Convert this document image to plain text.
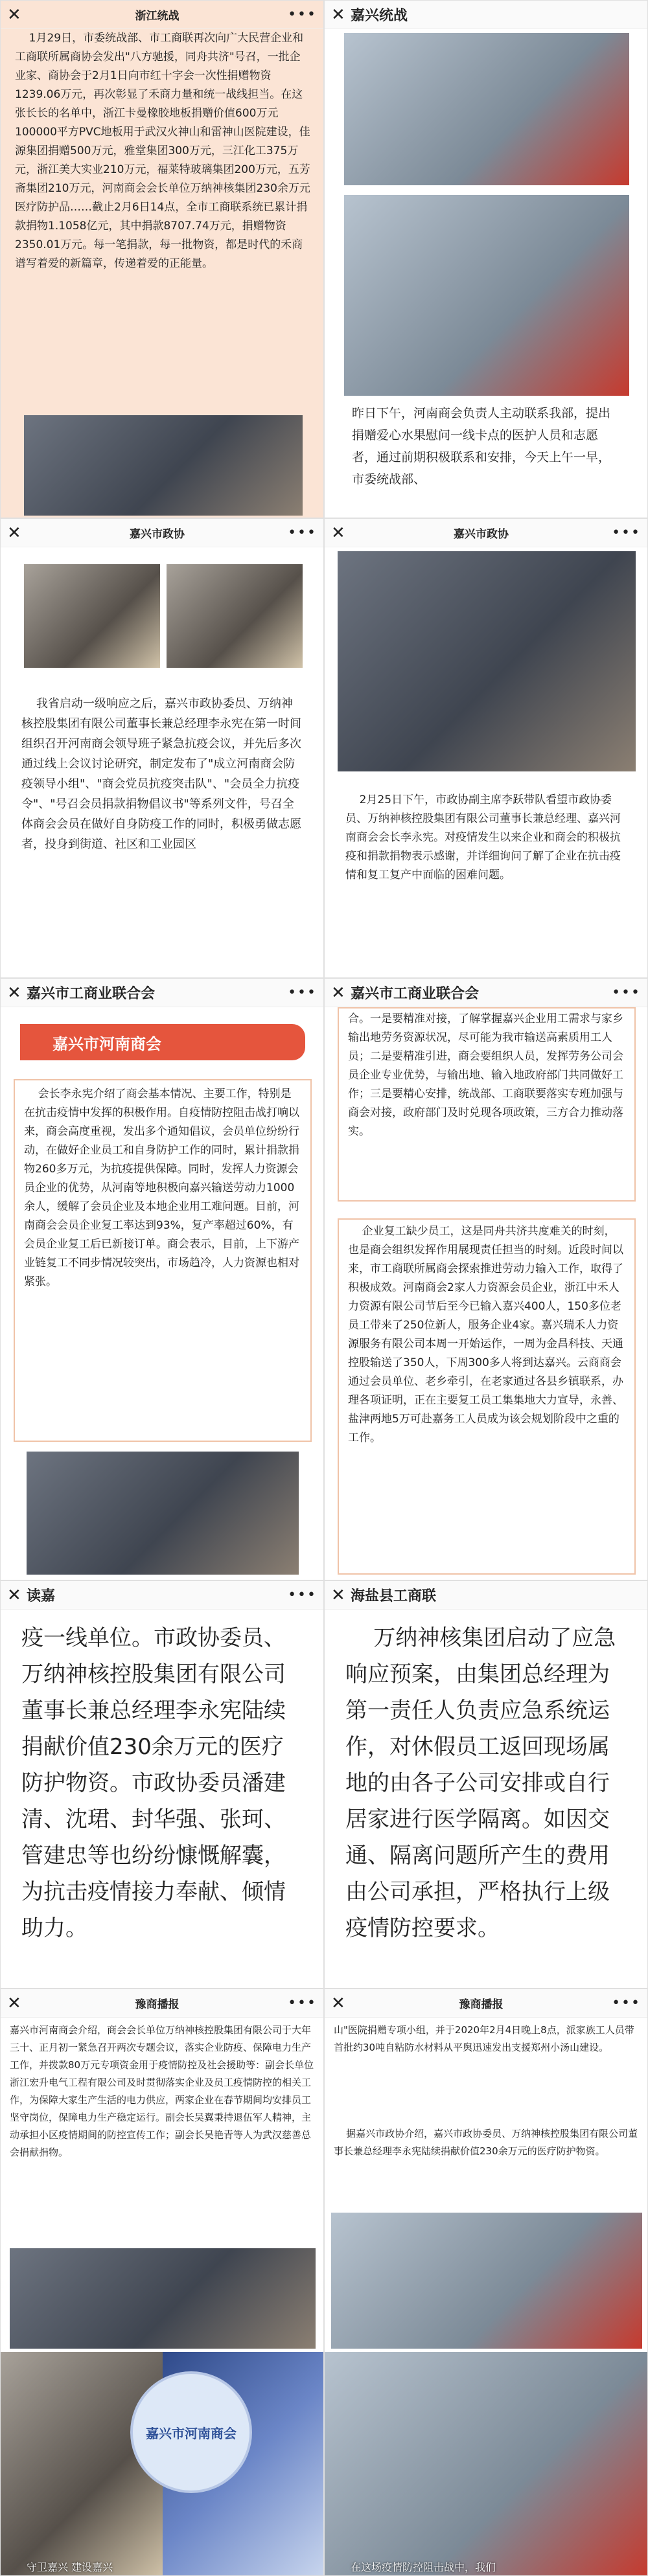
✕	浙江统战	•••
1月29日，市委统战部、市工商联再次向广大民营企业和工商联所属商协会发出"八方驰援，同舟共济"号召，一批企业家、商协会于2月1日向市红十字会一次性捐赠物资1239.06万元，再次彰显了禾商力量和统一战线担当。在这张长长的名单中，浙江卡曼橡胶地板捐赠价值600万元100000平方PVC地板用于武汉火神山和雷神山医院建设，佳源集团捐赠500万元，雅堂集团300万元，三江化工375万元，浙江美大实业210万元，福莱特玻璃集团200万元，五芳斋集团210万元，河南商会会长单位万纳神核集团230余万元医疗防护品……截止2月6日14点，全市工商联系统已累计捐款捐物1.1058亿元，其中捐款8707.74万元，捐赠物资2350.01万元。每一笔捐款，每一批物资，都是时代的禾商谱写着爱的新篇章，传递着爱的正能量。
✕ 嘉兴统战
昨日下午，河南商会负责人主动联系我部，提出捐赠爱心水果慰问一线卡点的医护人员和志愿者，通过前期积极联系和安排，今天上午一早，市委统战部、
✕	嘉兴市政协	•••
我省启动一级响应之后，嘉兴市政协委员、万纳神核控股集团有限公司董事长兼总经理李永宪在第一时间组织召开河南商会领导班子紧急抗疫会议，并先后多次通过线上会议讨论研究，制定发布了"成立河南商会防疫领导小组"、"商会党员抗疫突击队"、"会员全力抗疫令"、"号召会员捐款捐物倡议书"等系列文件，号召全体商会会员在做好自身防疫工作的同时，积极勇做志愿者，投身到街道、社区和工业园区
✕	嘉兴市政协	•••
2月25日下午，市政协副主席李跃带队看望市政协委员、万纳神核控股集团有限公司董事长兼总经理、嘉兴河南商会会长李永宪。对疫情发生以来企业和商会的积极抗疫和捐款捐物表示感谢，并详细询问了解了企业在抗击疫情和复工复产中面临的困难问题。
✕ 嘉兴市工商业联合会	•••
嘉兴市河南商会
会长李永宪介绍了商会基本情况、主要工作，特别是在抗击疫情中发挥的积极作用。自疫情防控阻击战打响以来，商会高度重视，发出多个通知倡议，会员单位纷纷行动，在做好企业员工和自身防护工作的同时，累计捐款捐物260多万元，为抗疫提供保障。同时，发挥人力资源会员企业的优势，从河南等地积极向嘉兴输送劳动力1000余人，缓解了会员企业及本地企业用工难问题。目前，河南商会会员企业复工率达到93%，复产率超过60%，有会员企业复工后已新接订单。商会表示，目前，上下游产业链复工不同步情况较突出，市场趋冷，人力资源也相对紧张。
✕ 嘉兴市工商业联合会	•••
合。一是要精准对接，了解掌握嘉兴企业用工需求与家乡输出地劳务资源状况，尽可能为我市输送高素质用工人员；二是要精准引进，商会要组织人员，发挥劳务公司会员企业专业优势，与输出地、输入地政府部门共同做好工作；三是要精心安排，统战部、工商联要落实专班加强与商会对接，政府部门及时兑现各项政策，三方合力推动落实。
企业复工缺少员工，这是同舟共济共度难关的时刻，也是商会组织发挥作用展现责任担当的时刻。近段时间以来，市工商联所属商会探索推进劳动力输入工作，取得了积极成效。河南商会2家人力资源会员企业，浙江中禾人力资源有限公司节后至今已输入嘉兴400人，150多位老员工带来了250位新人，服务企业4家。嘉兴瑞禾人力资源服务有限公司本周一开始运作，一周为金昌科技、天通控股输送了350人，下周300多人将到达嘉兴。云商商会通过会员单位、老乡牵引，在老家通过各县乡镇联系，办理各项证明，正在主要复工员工集集地大力宣导，永善、盐津两地5万可赴嘉务工人员成为该会规划阶段中之重的工作。
✕ 读嘉	•••
疫一线单位。市政协委员、万纳神核控股集团有限公司董事长兼总经理李永宪陆续捐献价值230余万元的医疗防护物资。市政协委员潘建清、沈珺、封华强、张珂、管建忠等也纷纷慷慨解囊，为抗击疫情接力奉献、倾情助力。
✕ 海盐县工商联
万纳神核集团启动了应急响应预案，由集团总经理为第一责任人负责应急系统运作，对休假员工返回现场属地的由各子公司安排或自行居家进行医学隔离。如因交通、隔离问题所产生的费用由公司承担，严格执行上级疫情防控要求。
✕	豫商播报	•••
嘉兴市河南商会介绍，商会会长单位万纳神核控股集团有限公司于大年三十、正月初一紧急召开两次专题会议，落实企业防疫、保障电力生产工作，并拨款80万元专项资金用于疫情防控及社会援助等：副会长单位浙江宏升电气工程有限公司及时贯彻落实企业及员工疫情防控的相关工作，为保障大家生产生活的电力供应，两家企业在春节期间均安排员工坚守岗位，保障电力生产稳定运行。副会长吴翼秉持退伍军人精神，主动承担小区疫情期间的防控宣传工作；副会长吴艳青等人为武汉慈善总会捐献捐物。
嘉兴市河南商会
守卫嘉兴 建设嘉兴
✕	豫商播报	•••
山"医院捐赠专项小组，并于2020年2月4日晚上8点，派家族工人员带首批约30吨自粘防水材料从平舆迅速发出支援郑州小汤山建设。
据嘉兴市政协介绍，嘉兴市政协委员、万纳神核控股集团有限公司董事长兼总经理李永宪陆续捐献价值230余万元的医疗防护物资。
在这场疫情防控阻击战中，我们
